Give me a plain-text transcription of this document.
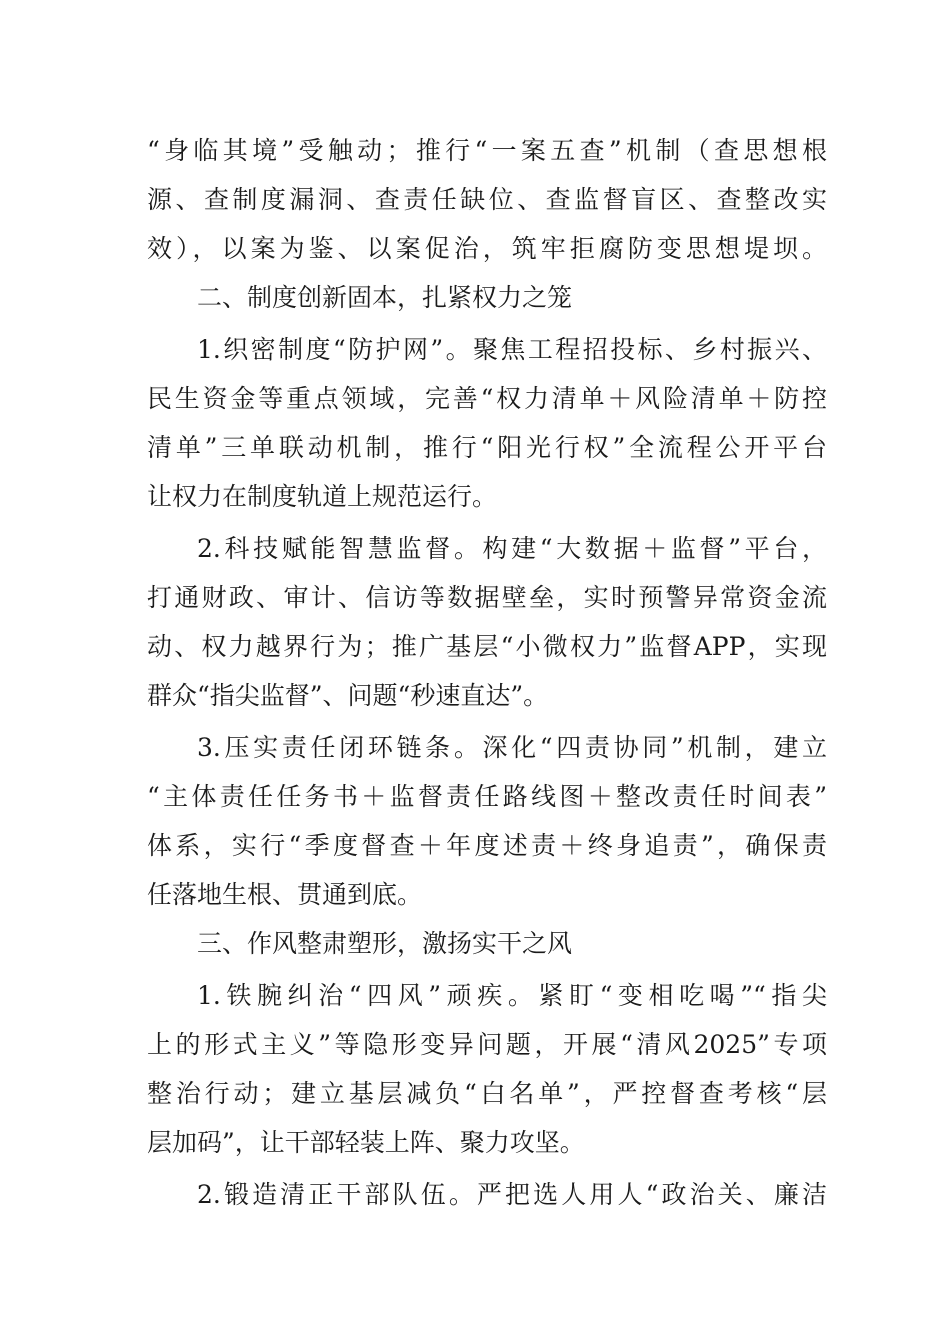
“身临其境”受触动；推行“一案五查”机制（查思想根
源、查制度漏洞、查责任缺位、查监督盲区、查整改实
效），以案为鉴、以案促治，筑牢拒腐防变思想堤坝。
二、制度创新固本，扎紧权力之笼
1.织密制度“防护网”。聚焦工程招投标、乡村振兴、
民生资金等重点领域，完善“权力清单＋风险清单＋防控
清单”三单联动机制，推行“阳光行权”全流程公开平台
让权力在制度轨道上规范运行。
2.科技赋能智慧监督。构建“大数据＋监督”平台，
打通财政、审计、信访等数据壁垒，实时预警异常资金流
动、权力越界行为；推广基层“小微权力”监督APP，实现
群众“指尖监督”、问题“秒速直达”。
3.压实责任闭环链条。深化“四责协同”机制，建立
“主体责任任务书＋监督责任路线图＋整改责任时间表”
体系，实行“季度督查＋年度述责＋终身追责”，确保责
任落地生根、贯通到底。
三、作风整肃塑形，激扬实干之风
1.铁腕纠治“四风”顽疾。紧盯“变相吃喝”“指尖
上的形式主义”等隐形变异问题，开展“清风2025”专项
整治行动；建立基层减负“白名单”，严控督查考核“层
层加码”，让干部轻装上阵、聚力攻坚。
2.锻造清正干部队伍。严把选人用人“政治关、廉洁
